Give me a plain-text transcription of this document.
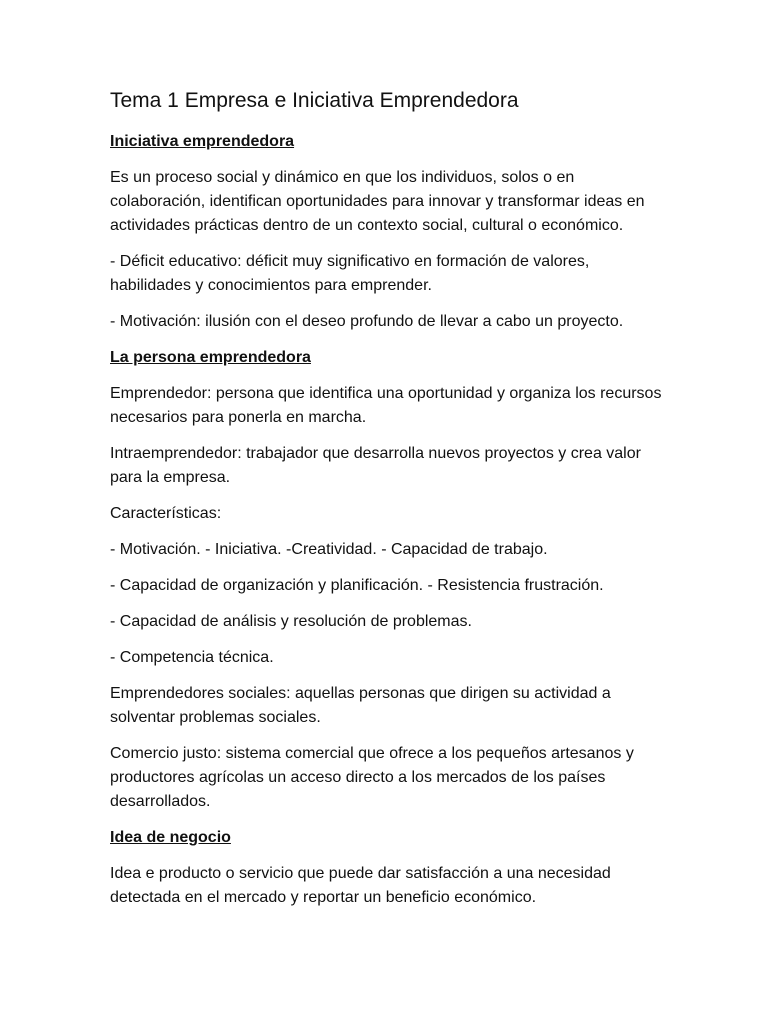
Tema 1 Empresa e Iniciativa Emprendedora
Iniciativa emprendedora

Es un proceso social y dinámico en que los individuos, solos o en colaboración, identifican oportunidades para innovar y transformar ideas en actividades prácticas dentro de un contexto social, cultural o económico.

- Déficit educativo: déficit muy significativo en formación de valores, habilidades y conocimientos para emprender.

- Motivación: ilusión con el deseo profundo de llevar a cabo un proyecto.

La persona emprendedora

Emprendedor: persona que identifica una oportunidad y organiza los recursos necesarios para ponerla en marcha.

Intraemprendedor: trabajador que desarrolla nuevos proyectos y crea valor para la empresa.

Características:

- Motivación. - Iniciativa. -Creatividad. - Capacidad de trabajo.

- Capacidad de organización y planificación. - Resistencia frustración.

- Capacidad de análisis y resolución de problemas.

- Competencia técnica.

Emprendedores sociales: aquellas personas que dirigen su actividad a solventar problemas sociales.

Comercio justo: sistema comercial que ofrece a los pequeños artesanos y productores agrícolas un acceso directo a los mercados de los países desarrollados.

Idea de negocio

Idea e producto o servicio que puede dar satisfacción a una necesidad detectada en el mercado y reportar un beneficio económico.
